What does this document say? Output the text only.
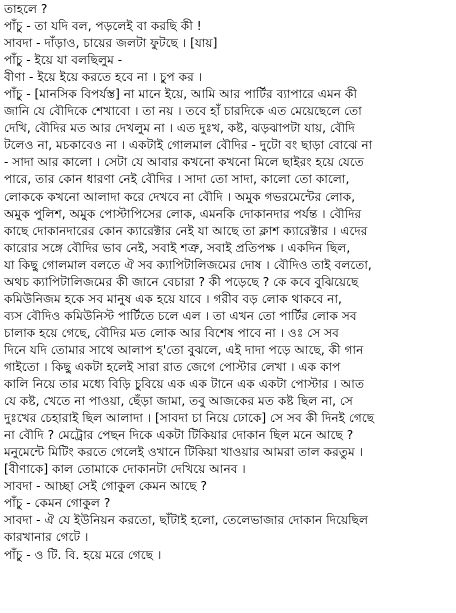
তাহলে ?
পাঁচু - তা যদি বল, পড়লেই বা করছি কী !
সাবদা - দাঁড়াও, চায়ের জলটা ফুটছে । [যায়]
পাঁচু - ইয়ে যা বলছিলুম -
বীণা - ইয়ে ইয়ে করতে হবে না । চুপ কর ।
পাঁচু - [মানসিক বিপর্যস্ত] না মানে ইয়ে, আমি আর পার্টির ব্যাপারে এমন কী
জানি যে বৌদিকে শেখাবো । তা নয় । তবে হাঁ চারদিকে এত মেয়েছেলে তো
দেখি, বৌদির মত আর দেখলুম না । এত দুঃখ, কষ্ট, ঝড়ঝাপটা যায়, বৌদি
টলেও না, মচকাবেও না । একটাই গোলমাল বৌদির - দুটো বং ছাড়া বোঝে না
- সাদা আর কালো । সেটা যে আবার কখনো কখনো মিলে ছাইরং হয়ে যেতে
পারে, তার কোন ধারণা নেই বৌদির । সাদা তো সাদা, কালো তো কালো,
লোককে কখনো আলাদা করে দেখবে না বৌদি । অমুক গভরমেন্টের লোক,
অমুক পুলিশ, অমুক পোস্টাপিসের লোক, এমনকি দোকানদার পর্যন্ত । বৌদির
কাছে দোকানদারের কোন ক্যারেক্টার নেই যা আছে তা ক্লাশ ক্যারেক্টার । এদের
কারোর সঙ্গে বৌদির ভাব নেই, সবাই শত্রু, সবাই প্রতিপক্ষ । একদিন ছিল,
যা কিছু গোলমাল বলতে ঐ সব ক্যাপিটালিজমের দোষ । বৌদিও তাই বলতো,
অথচ ক্যাপিটালিজমের কী জানে বেচারা ? কী পড়েছে ? কে কবে বুঝিয়েছে
কমিউনিজম হকে সব মানুষ এক হয়ে যাবে । গরীব বড় লোক থাকবে না,
ব্যস বৌদিও কমিউনিস্ট পার্টিতে চলে এল । তা এখন তো পার্টির লোক সব
চালাক হয়ে গেছে, বৌদির মত লোক আর বিশেষ পাবে না । ওঃ সে সব
দিনে যদি তোমার সাথে আলাপ হ'তো বুঝলে, এই দাদা পড়ে আছে, কী গান
গাইতো । কিছু একটা হলেই সারা রাত জেগে পোস্টার লেখা । এক কাপ
কালি নিয়ে তার মধ্যে বিড়ি চুবিয়ে এক এক টানে এক একটা পোস্টার । আত
যে কষ্ট, খেতে না পাওয়া, ছেঁড়া জামা, তবু আজকের মত কষ্ট ছিল না, সে
দুঃখের চেহারাই ছিল আলাদা । [সাবদা চা নিয়ে ঢোকে] সে সব কী দিনই গেছে
না বৌদি ? মেট্রোর পেছন দিকে একটা টিকিয়ার দোকান ছিল মনে আছে ?
মনুমেন্টে মিটিং করতে গেলেই ওখানে টিকিয়া খাওয়ার আমরা তাল করতুম ।
[বীণাকে] কাল তোমাকে দোকানটা দেখিয়ে আনব ।
সাবদা - আচ্ছা সেই গোকুল কেমন আছে ?
পাঁচু - কেমন গোকুল ?
সাবদা - ঐ যে ইউনিয়ন করতো, ছাঁটাই হলো, তেলেভাজার দোকান দিয়েছিল
কারখানার গেটে ।
পাঁচু - ও টি. বি. হয়ে মরে গেছে ।
